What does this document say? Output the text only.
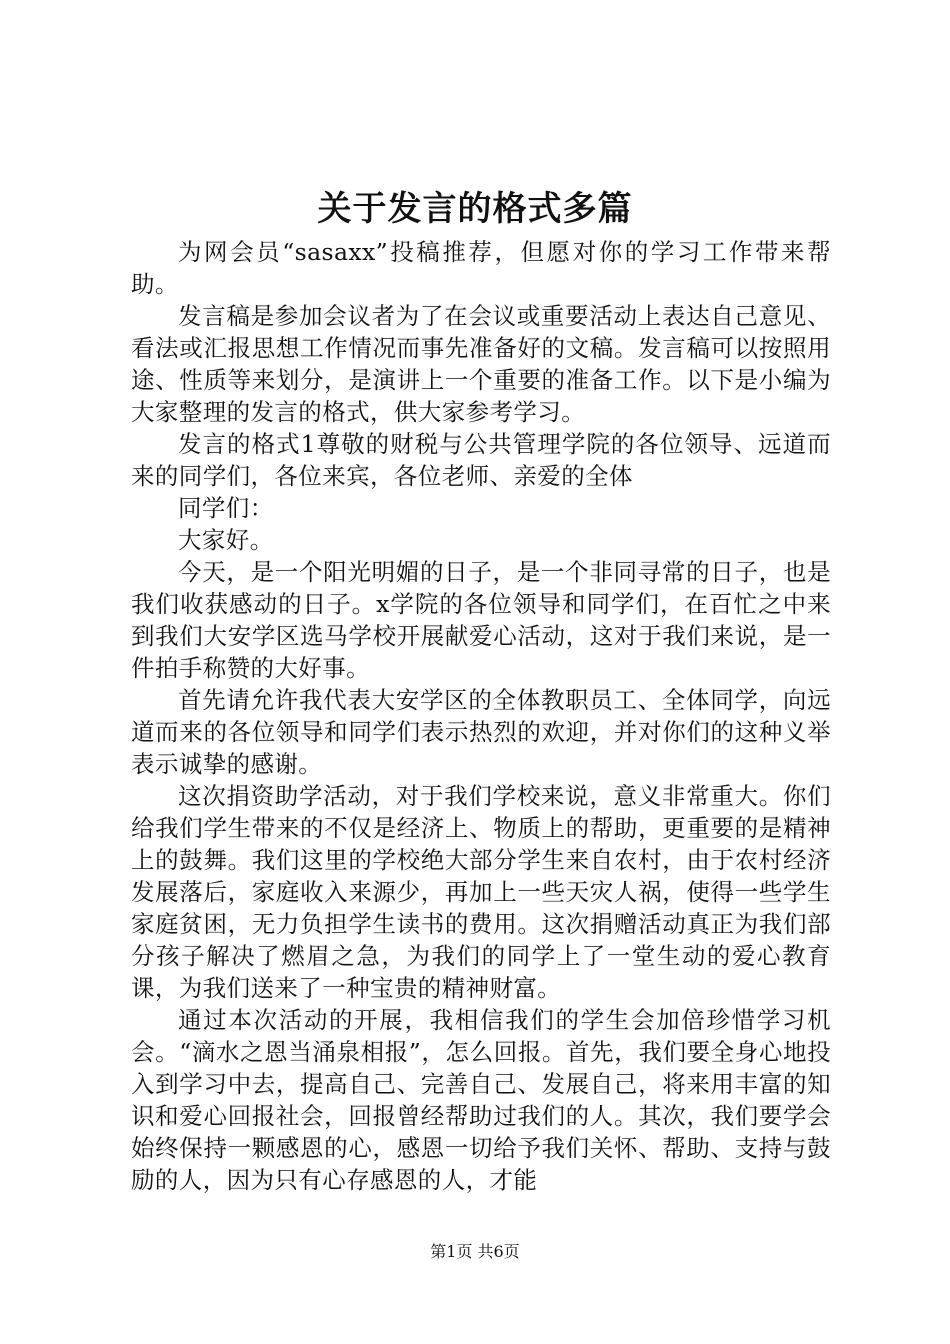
关于发言的格式多篇

为网会员“sasaxx”投稿推荐，但愿对你的学习工作带来帮助。

发言稿是参加会议者为了在会议或重要活动上表达自己意见、看法或汇报思想工作情况而事先准备好的文稿。发言稿可以按照用途、性质等来划分，是演讲上一个重要的准备工作。以下是小编为大家整理的发言的格式，供大家参考学习。

发言的格式1尊敬的财税与公共管理学院的各位领导、远道而来的同学们，各位来宾，各位老师、亲爱的全体

同学们：

大家好。

今天，是一个阳光明媚的日子，是一个非同寻常的日子，也是我们收获感动的日子。x学院的各位领导和同学们，在百忙之中来到我们大安学区选马学校开展献爱心活动，这对于我们来说，是一件拍手称赞的大好事。

首先请允许我代表大安学区的全体教职员工、全体同学，向远道而来的各位领导和同学们表示热烈的欢迎，并对你们的这种义举表示诚挚的感谢。

这次捐资助学活动，对于我们学校来说，意义非常重大。你们给我们学生带来的不仅是经济上、物质上的帮助，更重要的是精神上的鼓舞。我们这里的学校绝大部分学生来自农村，由于农村经济发展落后，家庭收入来源少，再加上一些天灾人祸，使得一些学生家庭贫困，无力负担学生读书的费用。这次捐赠活动真正为我们部分孩子解决了燃眉之急，为我们的同学上了一堂生动的爱心教育课，为我们送来了一种宝贵的精神财富。

通过本次活动的开展，我相信我们的学生会加倍珍惜学习机会。“滴水之恩当涌泉相报”，怎么回报。首先，我们要全身心地投入到学习中去，提高自己、完善自己、发展自己，将来用丰富的知识和爱心回报社会，回报曾经帮助过我们的人。其次，我们要学会始终保持一颗感恩的心，感恩一切给予我们关怀、帮助、支持与鼓励的人，因为只有心存感恩的人，才能

第1页 共6页
